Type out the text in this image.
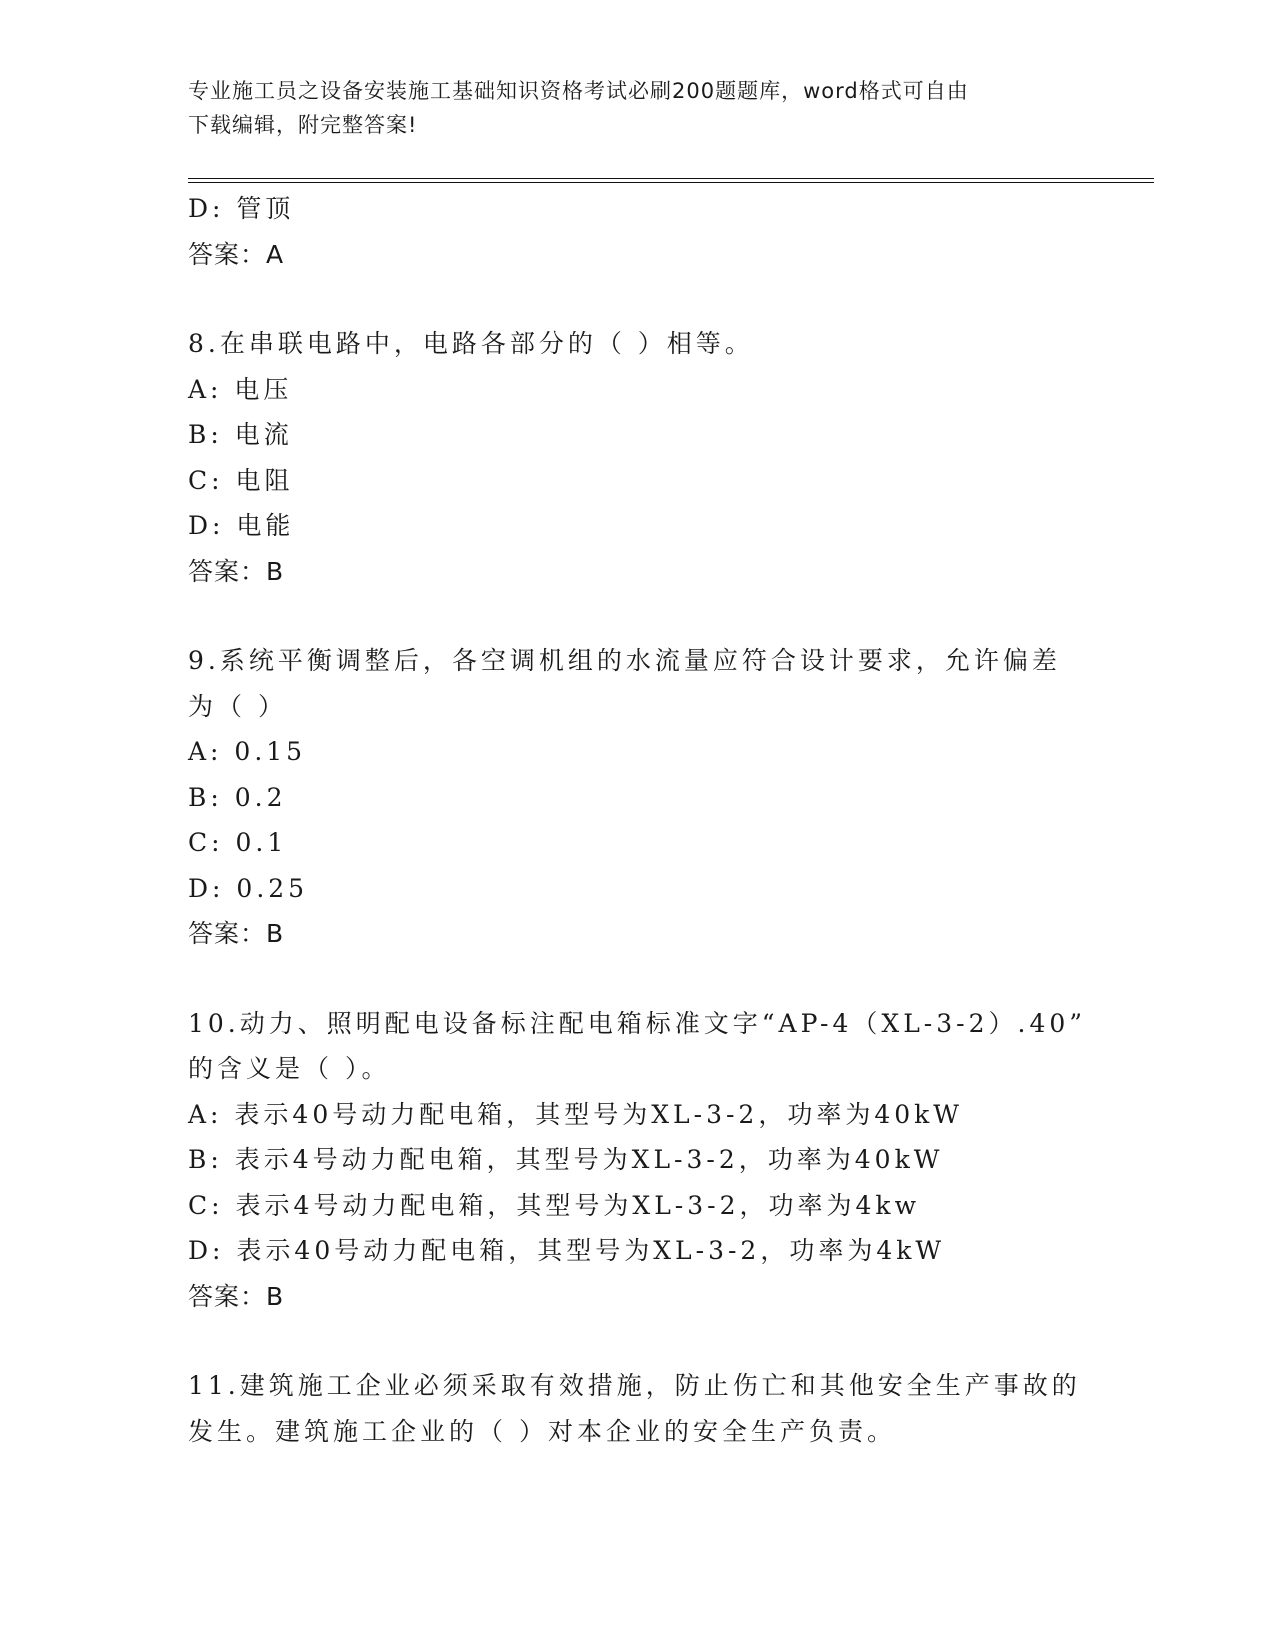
专业施工员之设备安装施工基础知识资格考试必刷200题题库，word格式可自由
下载编辑，附完整答案!
D: 管顶
答案：A
8.在串联电路中，电路各部分的（ ）相等。
A: 电压
B: 电流
C: 电阻
D: 电能
答案：B
9.系统平衡调整后，各空调机组的水流量应符合设计要求，允许偏差
为（ ）
A: 0.15
B: 0.2
C: 0.1
D: 0.25
答案：B
10.动力、照明配电设备标注配电箱标准文字“AP-4（XL-3-2）.40”
的含义是（ ）。
A: 表示40号动力配电箱，其型号为XL-3-2，功率为40kW
B: 表示4号动力配电箱，其型号为XL-3-2，功率为40kW
C: 表示4号动力配电箱，其型号为XL-3-2，功率为4kw
D: 表示40号动力配电箱，其型号为XL-3-2，功率为4kW
答案：B
11.建筑施工企业必须采取有效措施，防止伤亡和其他安全生产事故的
发生。建筑施工企业的（ ）对本企业的安全生产负责。
